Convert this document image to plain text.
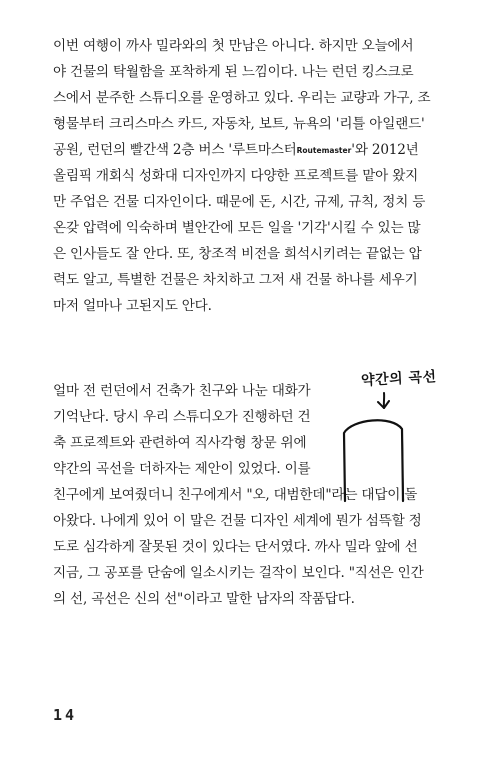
이번 여행이 까사 밀라와의 첫 만남은 아니다. 하지만 오늘에서
야 건물의 탁월함을 포착하게 된 느낌이다. 나는 런던 킹스크로
스에서 분주한 스튜디오를 운영하고 있다. 우리는 교량과 가구, 조
형물부터 크리스마스 카드, 자동차, 보트, 뉴욕의 '리틀 아일랜드'
공원, 런던의 빨간색 2층 버스 '루트마스터Routemaster'와 2012년
올림픽 개회식 성화대 디자인까지 다양한 프로젝트를 맡아 왔지
만 주업은 건물 디자인이다. 때문에 돈, 시간, 규제, 규칙, 정치 등
온갖 압력에 익숙하며 별안간에 모든 일을 '기각'시킬 수 있는 많
은 인사들도 잘 안다. 또, 창조적 비전을 희석시키려는 끝없는 압
력도 알고, 특별한 건물은 차치하고 그저 새 건물 하나를 세우기
마저 얼마나 고된지도 안다.
얼마 전 런던에서 건축가 친구와 나눈 대화가
기억난다. 당시 우리 스튜디오가 진행하던 건
축 프로젝트와 관련하여 직사각형 창문 위에
약간의 곡선을 더하자는 제안이 있었다. 이를
친구에게 보여줬더니 친구에게서 "오, 대범한데"라는 대답이 돌
아왔다. 나에게 있어 이 말은 건물 디자인 세계에 뭔가 섬뜩할 정
도로 심각하게 잘못된 것이 있다는 단서였다. 까사 밀라 앞에 선
지금, 그 공포를 단숨에 일소시키는 걸작이 보인다. "직선은 인간
의 선, 곡선은 신의 선"이라고 말한 남자의 작품답다.
약간의 곡선
14
